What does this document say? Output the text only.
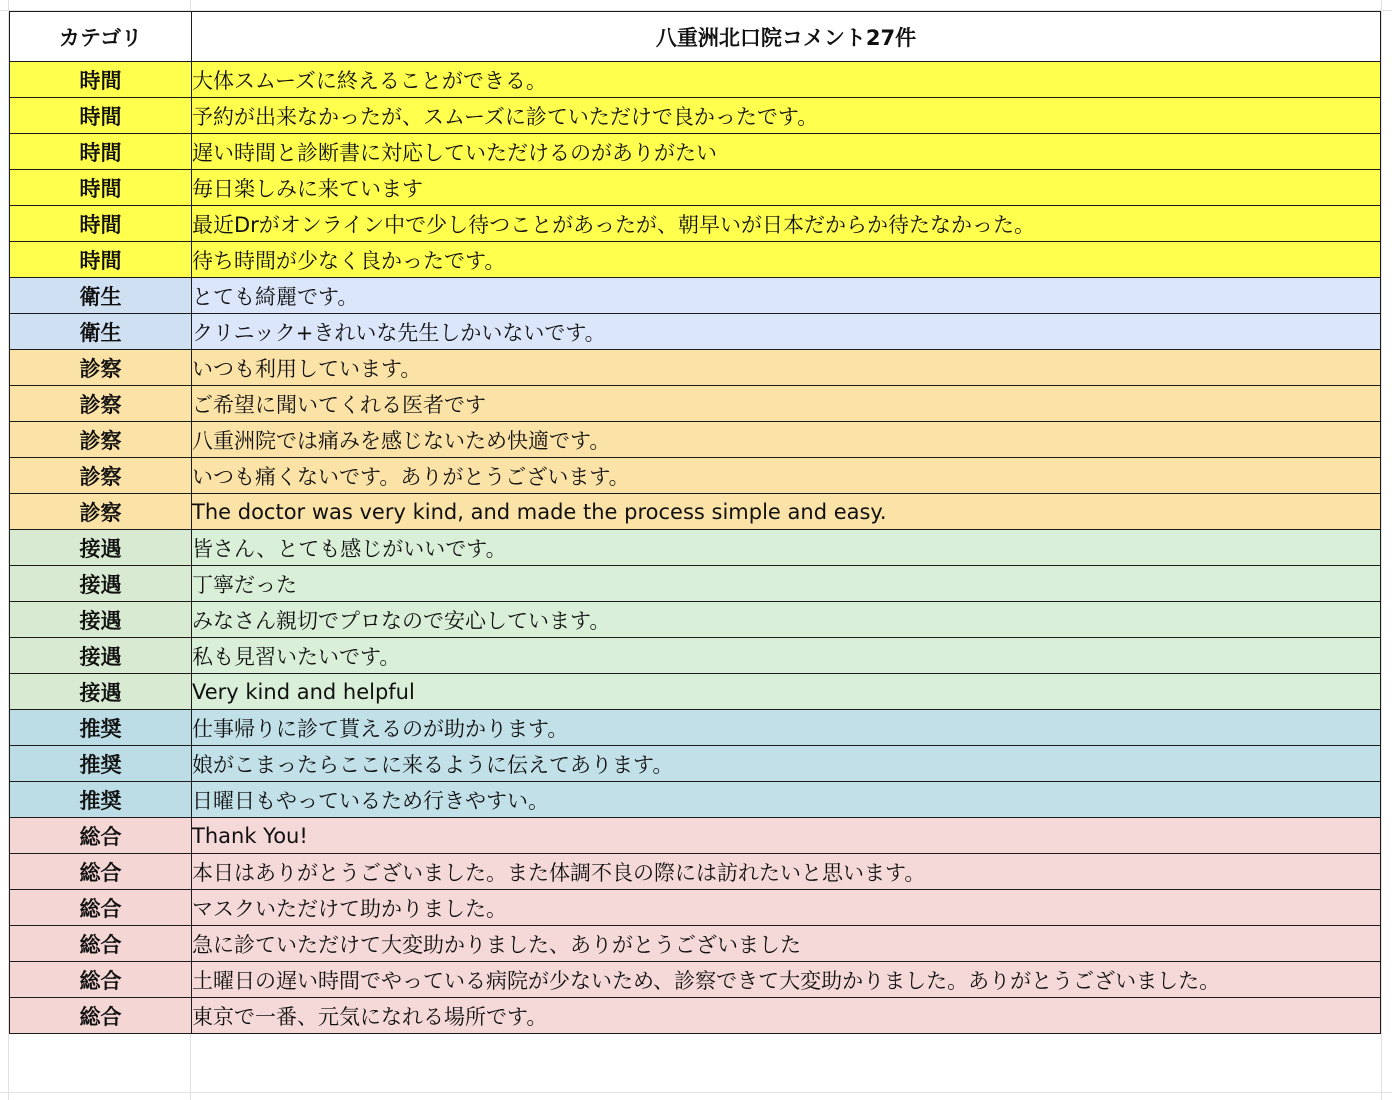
カテゴリ	八重洲北口院コメント27件
時間	大体スムーズに終えることができる。
時間	予約が出来なかったが、スムーズに診ていただけで良かったです。
時間	遅い時間と診断書に対応していただけるのがありがたい
時間	毎日楽しみに来ています
時間	最近Drがオンライン中で少し待つことがあったが、朝早いが日本だからか待たなかった。
時間	待ち時間が少なく良かったです。
衛生	とても綺麗です。
衛生	クリニック+きれいな先生しかいないです。
診察	いつも利用しています。
診察	ご希望に聞いてくれる医者です
診察	八重洲院では痛みを感じないため快適です。
診察	いつも痛くないです。ありがとうございます。
診察	The doctor was very kind, and made the process simple and easy.
接遇	皆さん、とても感じがいいです。
接遇	丁寧だった
接遇	みなさん親切でプロなので安心しています。
接遇	私も見習いたいです。
接遇	Very kind and helpful
推奨	仕事帰りに診て貰えるのが助かります。
推奨	娘がこまったらここに来るように伝えてあります。
推奨	日曜日もやっているため行きやすい。
総合	Thank You!
総合	本日はありがとうございました。また体調不良の際には訪れたいと思います。
総合	マスクいただけて助かりました。
総合	急に診ていただけて大変助かりました、ありがとうございました
総合	土曜日の遅い時間でやっている病院が少ないため、診察できて大変助かりました。ありがとうございました。
総合	東京で一番、元気になれる場所です。
